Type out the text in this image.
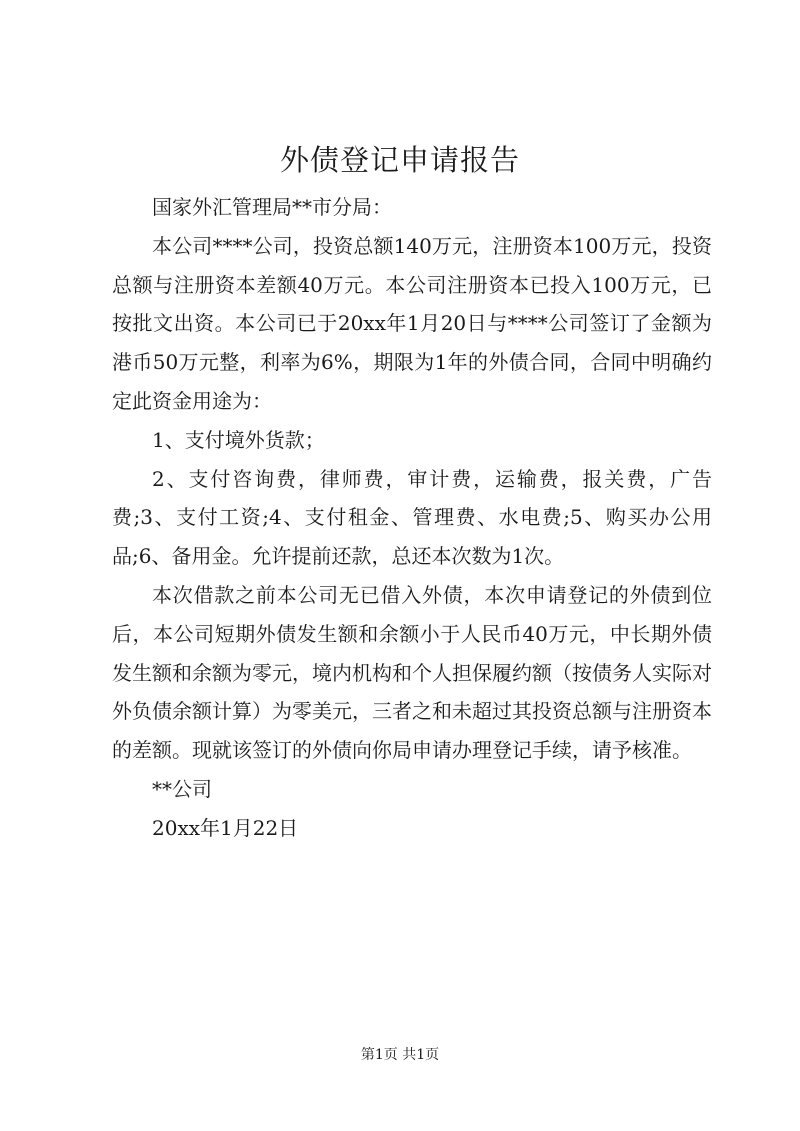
外债登记申请报告

国家外汇管理局**市分局：

本公司****公司，投资总额140万元，注册资本100万元，投资总额与注册资本差额40万元。本公司注册资本已投入100万元，已按批文出资。本公司已于20xx年1月20日与****公司签订了金额为港币50万元整，利率为6%，期限为1年的外债合同，合同中明确约定此资金用途为：

1、支付境外货款；

2、支付咨询费，律师费，审计费，运输费，报关费，广告费;3、支付工资;4、支付租金、管理费、水电费;5、购买办公用品;6、备用金。允许提前还款，总还本次数为1次。

本次借款之前本公司无已借入外债，本次申请登记的外债到位后，本公司短期外债发生额和余额小于人民币40万元，中长期外债发生额和余额为零元，境内机构和个人担保履约额（按债务人实际对外负债余额计算）为零美元，三者之和未超过其投资总额与注册资本的差额。现就该签订的外债向你局申请办理登记手续，请予核准。

**公司

20xx年1月22日

第1页 共1页
